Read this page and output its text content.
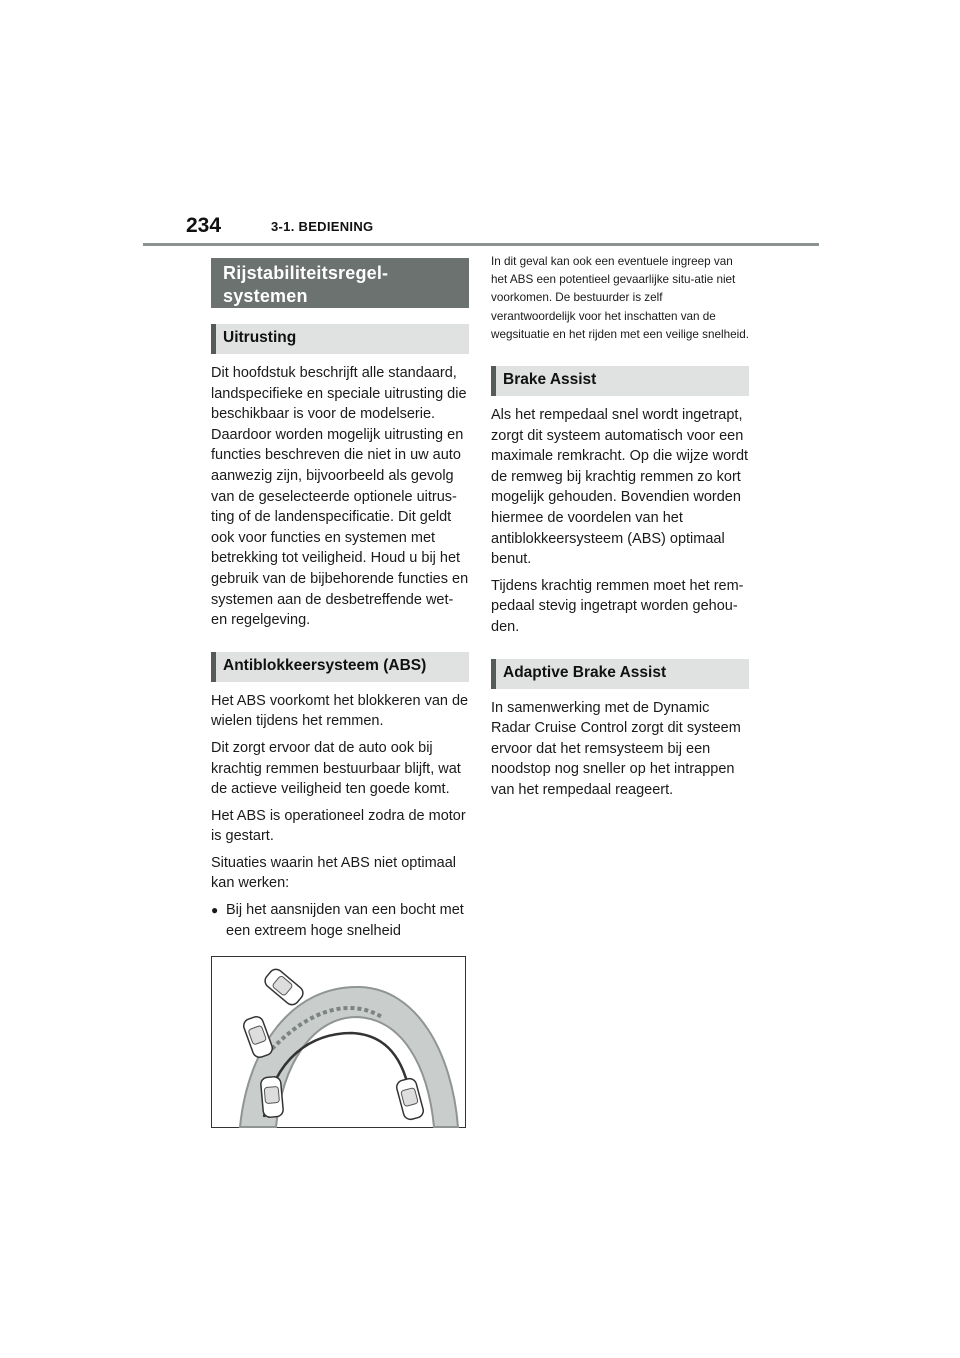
234	3-1. BEDIENING
Rijstabiliteitsregel-
systemen
Uitrusting

Dit hoofdstuk beschrijft alle standaard, landspecifieke en speciale uitrusting die beschikbaar is voor de modelserie. Daardoor worden mogelijk uitrusting en functies beschreven die niet in uw auto aanwezig zijn, bijvoorbeeld als gevolg van de geselecteerde optionele uitrus-ting of de landenspecificatie. Dit geldt ook voor functies en systemen met betrekking tot veiligheid. Houd u bij het gebruik van de bijbehorende functies en systemen aan de desbetreffende wet- en regelgeving.

Antiblokkeersysteem (ABS)

Het ABS voorkomt het blokkeren van de wielen tijdens het remmen.

Dit zorgt ervoor dat de auto ook bij krachtig remmen bestuurbaar blijft, wat de actieve veiligheid ten goede komt.

Het ABS is operationeel zodra de motor is gestart.

Situaties waarin het ABS niet optimaal kan werken:

● Bij het aansnijden van een bocht met een extreem hoge snelheid

In dit geval kan ook een eventuele ingreep van het ABS een potentieel gevaarlijke situ-atie niet voorkomen. De bestuurder is zelf verantwoordelijk voor het inschatten van de wegsituatie en het rijden met een veilige snelheid.

Brake Assist

Als het rempedaal snel wordt ingetrapt, zorgt dit systeem automatisch voor een maximale remkracht. Op die wijze wordt de remweg bij krachtig remmen zo kort mogelijk gehouden. Bovendien worden hiermee de voordelen van het antiblokkeersysteem (ABS) optimaal benut.

Tijdens krachtig remmen moet het rem-pedaal stevig ingetrapt worden gehou-den.

Adaptive Brake Assist

In samenwerking met de Dynamic Radar Cruise Control zorgt dit systeem ervoor dat het remsysteem bij een noodstop nog sneller op het intrappen van het rempedaal reageert.
